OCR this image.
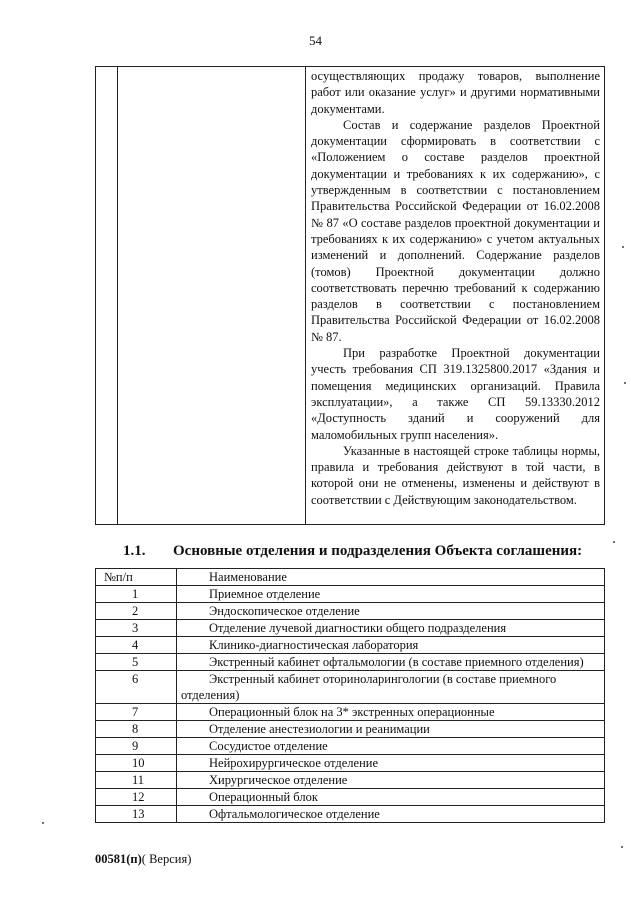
54

осуществляющих продажу товаров, выполнение работ или оказание услуг» и другими нормативными документами.

Состав и содержание разделов Проектной документации сформировать в соответствии с «Положением о составе разделов проектной документации и требованиях к их содержанию», с утвержденным в соответствии с постановлением Правительства Российской Федерации от 16.02.2008 № 87 «О составе разделов проектной документации и требованиях к их содержанию» с учетом актуальных изменений и дополнений. Содержание разделов (томов) Проектной документации должно соответствовать перечню требований к содержанию разделов в соответствии с постановлением Правительства Российской Федерации от 16.02.2008 № 87.

При разработке Проектной документации учесть требования СП 319.1325800.2017 «Здания и помещения медицинских организаций. Правила эксплуатации», а также СП 59.13330.2012 «Доступность зданий и сооружений для маломобильных групп населения».

Указанные в настоящей строке таблицы нормы, правила и требования действуют в той части, в которой они не отменены, изменены и действуют в соответствии с Действующим законодательством.

1.1. Основные отделения и подразделения Объекта соглашения:
№п/п	Наименование
1	Приемное отделение
2	Эндоскопическое отделение
3	Отделение лучевой диагностики общего подразделения
4	Клинико-диагностическая лаборатория
5	Экстренный кабинет офтальмологии (в составе приемного отделения)
6	Экстренный кабинет оториноларингологии (в составе приемного отделения)
7	Операционный блок на 3* экстренных операционные
8	Отделение анестезиологии и реанимации
9	Сосудистое отделение
10	Нейрохирургическое отделение
11	Хирургическое отделение
12	Операционный блок
13	Офтальмологическое отделение
00581(п)( Версия)
